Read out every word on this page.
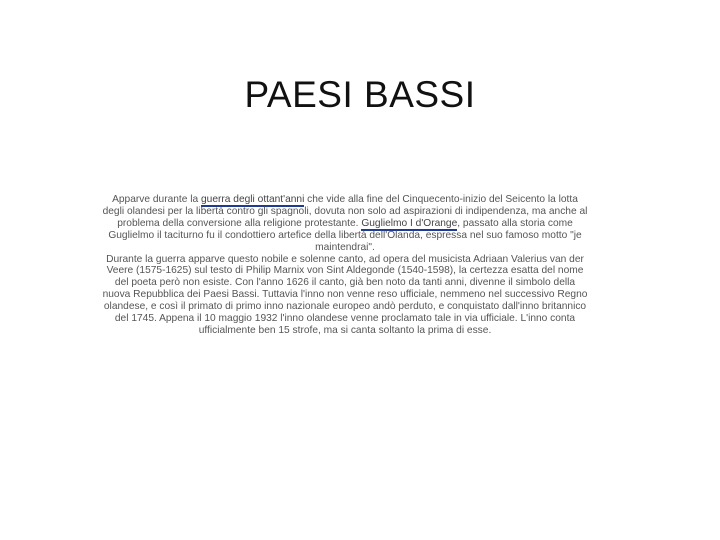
PAESI BASSI

Apparve durante la guerra degli ottant'anni che vide alla fine del Cinquecento-inizio del Seicento la lotta degli olandesi per la libertà contro gli spagnoli, dovuta non solo ad aspirazioni di indipendenza, ma anche al problema della conversione alla religione protestante. Guglielmo I d'Orange, passato alla storia come Guglielmo il taciturno fu il condottiero artefice della libertà dell'Olanda, espressa nel suo famoso motto "je maintendrai".

Durante la guerra apparve questo nobile e solenne canto, ad opera del musicista Adriaan Valerius van der Veere (1575-1625) sul testo di Philip Marnix von Sint Aldegonde (1540-1598), la certezza esatta del nome del poeta però non esiste. Con l'anno 1626 il canto, già ben noto da tanti anni, divenne il simbolo della nuova Repubblica dei Paesi Bassi. Tuttavia l'inno non venne reso ufficiale, nemmeno nel successivo Regno olandese, e così il primato di primo inno nazionale europeo andò perduto, e conquistato dall'inno britannico del 1745. Appena il 10 maggio 1932 l'inno olandese venne proclamato tale in via ufficiale. L'inno conta ufficialmente ben 15 strofe, ma si canta soltanto la prima di esse.
